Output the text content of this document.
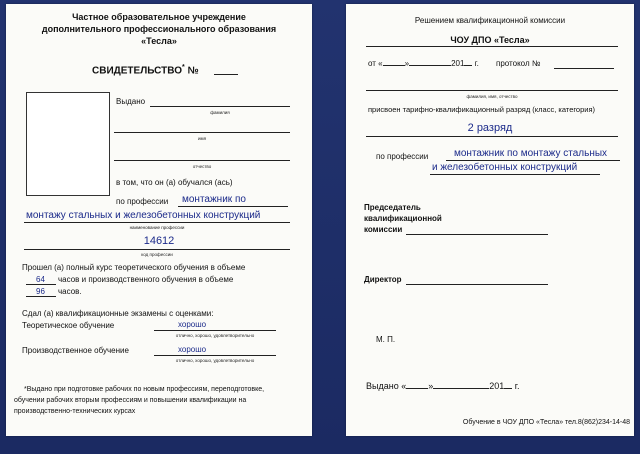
Частное образовательное учреждение
дополнительного профессионального образования
«Тесла»
СВИДЕТЕЛЬСТВО* №
Выдано
фамилия
имя
отчество
в том, что он (а) обучался (ась)
по профессии монтажник по
монтажу стальных и железобетонных конструкций
наименование профессии
14612
код профессии
Прошел (а) полный курс теоретического обучения в объеме
64 часов и производственного обучения в объеме
96 часов.
Сдал (а) квалификационные экзамены с оценками:
Теоретическое обучение	хорошо
отлично, хорошо, удовлетворительно
Производственное обучение	хорошо
отлично, хорошо, удовлетворительно
*Выдано при подготовке рабочих по новым профессиям, переподготовке,
обучении рабочих вторым профессиям и повышении квалификации на
производственно-технических курсах
Решением квалификационной комиссии
ЧОУ ДПО «Тесла»
от «	»	201 г. протокол №
фамилия, имя, отчество
присвоен тарифно-квалификационный разряд (класс, категория)
2 разряд
по профессии	монтажник по монтажу стальных
и железобетонных конструкций
Председатель
квалификационной
комиссии
Директор
М. П.
Выдано « »	201 г.
Обучение в ЧОУ ДПО «Тесла» тел.8(862)234-14-48
